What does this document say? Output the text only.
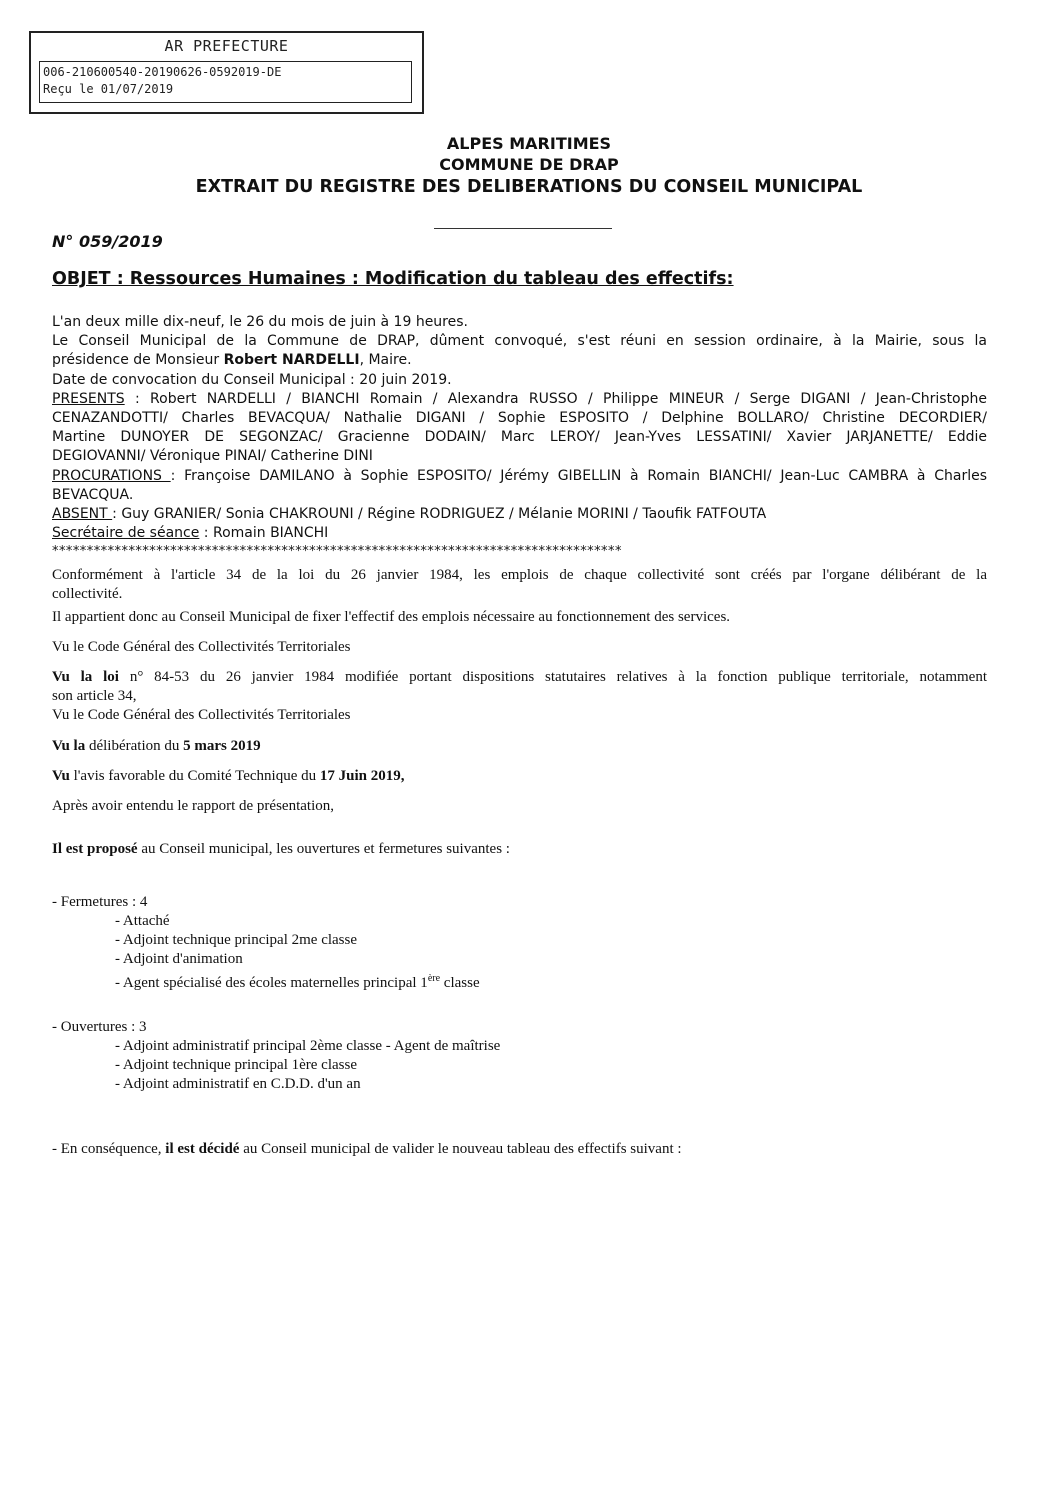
AR PREFECTURE
006-210600540-20190626-0592019-DE
Reçu le 01/07/2019
ALPES MARITIMES
COMMUNE DE DRAP
EXTRAIT DU REGISTRE DES DELIBERATIONS DU CONSEIL MUNICIPAL
N° 059/2019
OBJET : Ressources Humaines : Modification du tableau des effectifs:

L'an deux mille dix-neuf, le 26 du mois de juin à 19 heures.

Le Conseil Municipal de la Commune de DRAP, dûment convoqué, s'est réuni en session ordinaire, à la Mairie, sous la

présidence de Monsieur Robert NARDELLI, Maire.

Date de convocation du Conseil Municipal : 20 juin 2019.

PRESENTS : Robert NARDELLI / BIANCHI Romain / Alexandra RUSSO / Philippe MINEUR / Serge DIGANI / Jean-Christophe

CENAZANDOTTI/ Charles BEVACQUA/ Nathalie DIGANI / Sophie ESPOSITO / Delphine BOLLARO/ Christine DECORDIER/

Martine DUNOYER DE SEGONZAC/ Gracienne DODAIN/ Marc LEROY/ Jean-Yves LESSATINI/ Xavier JARJANETTE/ Eddie

DEGIOVANNI/ Véronique PINAI/ Catherine DINI

PROCURATIONS : Françoise DAMILANO à Sophie ESPOSITO/ Jérémy GIBELLIN à Romain BIANCHI/ Jean-Luc CAMBRA à Charles

BEVACQUA.

ABSENT : Guy GRANIER/ Sonia CHAKROUNI / Régine RODRIGUEZ / Mélanie MORINI / Taoufik FATFOUTA

Secrétaire de séance : Romain BIANCHI

**********************************************************************************

Conformément à l'article 34 de la loi du 26 janvier 1984, les emplois de chaque collectivité sont créés par l'organe délibérant de la

collectivité.

Il appartient donc au Conseil Municipal de fixer l'effectif des emplois nécessaire au fonctionnement des services.

Vu le Code Général des Collectivités Territoriales

Vu la loi n° 84-53 du 26 janvier 1984 modifiée portant dispositions statutaires relatives à la fonction publique territoriale, notamment

son article 34,

Vu le Code Général des Collectivités Territoriales

Vu la délibération du 5 mars 2019

Vu l'avis favorable du Comité Technique du 17 Juin 2019,

Après avoir entendu le rapport de présentation,

Il est proposé au Conseil municipal, les ouvertures et fermetures suivantes :

- Fermetures : 4

- Attaché

- Adjoint technique principal 2me classe

- Adjoint d'animation

- Agent spécialisé des écoles maternelles principal 1ère classe

- Ouvertures : 3

- Adjoint administratif principal 2ème classe - Agent de maîtrise

- Adjoint technique principal 1ère classe

- Adjoint administratif en C.D.D. d'un an

- En conséquence, il est décidé au Conseil municipal de valider le nouveau tableau des effectifs suivant :
